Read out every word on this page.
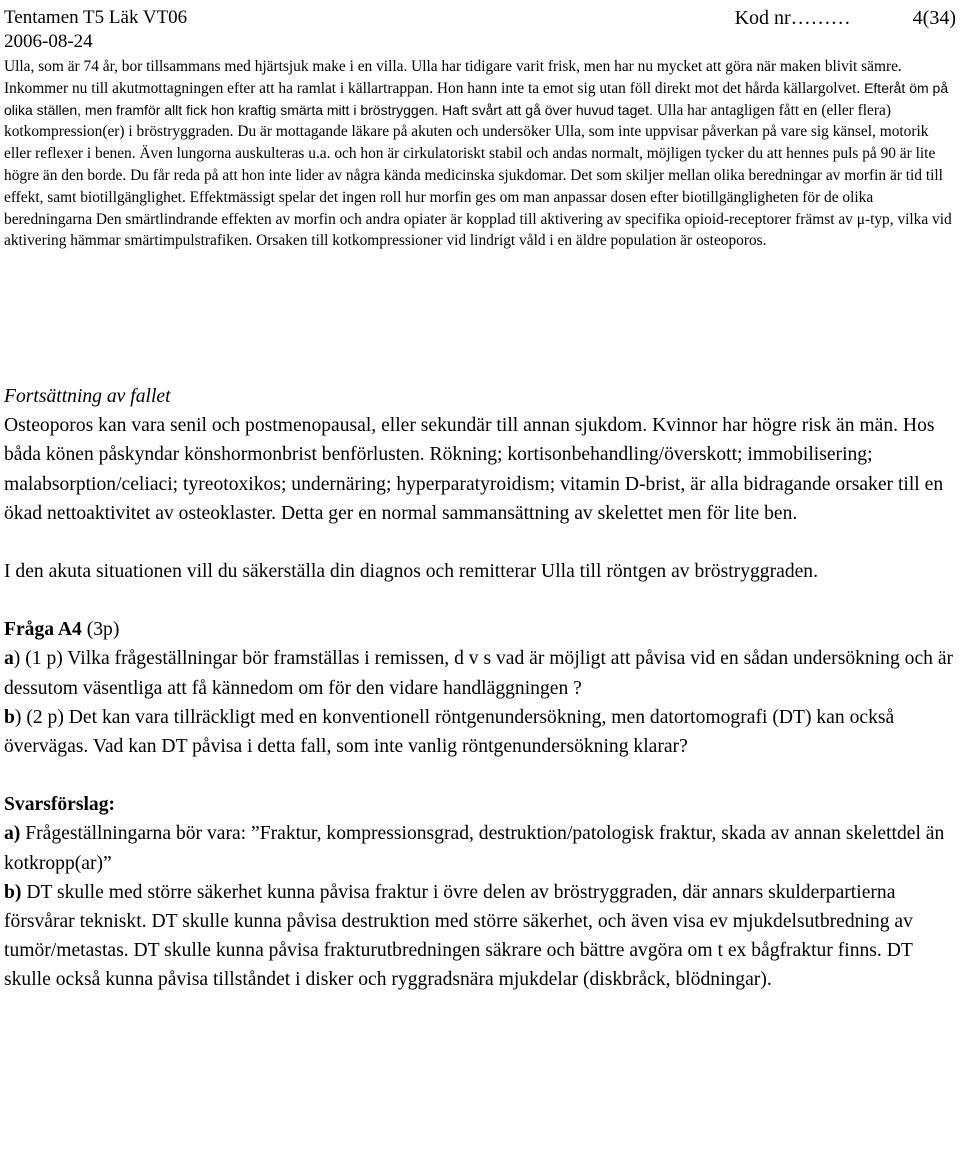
Tentamen T5 Läk VT06
2006-08-24
Kod nr………	4(34)
Ulla, som är 74 år, bor tillsammans med hjärtsjuk make i en villa. Ulla har tidigare varit frisk, men har nu mycket att göra när maken blivit sämre. Inkommer nu till akutmottagningen efter att ha ramlat i källartrappan. Hon hann inte ta emot sig utan föll direkt mot det hårda källargolvet. Efteråt öm på olika ställen, men framför allt fick hon kraftig smärta mitt i bröstryggen. Haft svårt att gå över huvud taget. Ulla har antagligen fått en (eller flera) kotkompression(er) i bröstryggraden. Du är mottagande läkare på akuten och undersöker Ulla, som inte uppvisar påverkan på vare sig känsel, motorik eller reflexer i benen. Även lungorna auskulteras u.a. och hon är cirkulatoriskt stabil och andas normalt, möjligen tycker du att hennes puls på 90 är lite högre än den borde. Du får reda på att hon inte lider av några kända medicinska sjukdomar. Det som skiljer mellan olika beredningar av morfin är tid till effekt, samt biotillgänglighet. Effektmässigt spelar det ingen roll hur morfin ges om man anpassar dosen efter biotillgängligheten för de olika beredningarna Den smärtlindrande effekten av morfin och andra opiater är kopplad till aktivering av specifika opioid-receptorer främst av μ-typ, vilka vid aktivering hämmar smärtimpulstrafiken. Orsaken till kotkompressioner vid lindrigt våld i en äldre population är osteoporos.

Fortsättning av fallet

Osteoporos kan vara senil och postmenopausal, eller sekundär till annan sjukdom. Kvinnor har högre risk än män. Hos båda könen påskyndar könshormonbrist benförlusten. Rökning; kortisonbehandling/överskott; immobilisering; malabsorption/celiaci; tyreotoxikos; undernäring; hyperparatyroidism; vitamin D-brist, är alla bidragande orsaker till en ökad nettoaktivitet av osteoklaster. Detta ger en normal sammansättning av skelettet men för lite ben.

I den akuta situationen vill du säkerställa din diagnos och remitterar Ulla till röntgen av bröstryggraden.

Fråga A4 (3p)

a) (1 p) Vilka frågeställningar bör framställas i remissen, d v s vad är möjligt att påvisa vid en sådan undersökning och är dessutom väsentliga att få kännedom om för den vidare handläggningen ?

b) (2 p) Det kan vara tillräckligt med en konventionell röntgenundersökning, men datortomografi (DT) kan också övervägas. Vad kan DT påvisa i detta fall, som inte vanlig röntgenundersökning klarar?

Svarsförslag:

a) Frågeställningarna bör vara: ”Fraktur, kompressionsgrad, destruktion/patologisk fraktur, skada av annan skelettdel än kotkropp(ar)”

b) DT skulle med större säkerhet kunna påvisa fraktur i övre delen av bröstryggraden, där annars skulderpartierna försvårar tekniskt. DT skulle kunna påvisa destruktion med större säkerhet, och även visa ev mjukdelsutbredning av tumör/metastas. DT skulle kunna påvisa frakturutbredningen säkrare och bättre avgöra om t ex bågfraktur finns. DT skulle också kunna påvisa tillståndet i disker och ryggradsnära mjukdelar (diskbråck, blödningar).
